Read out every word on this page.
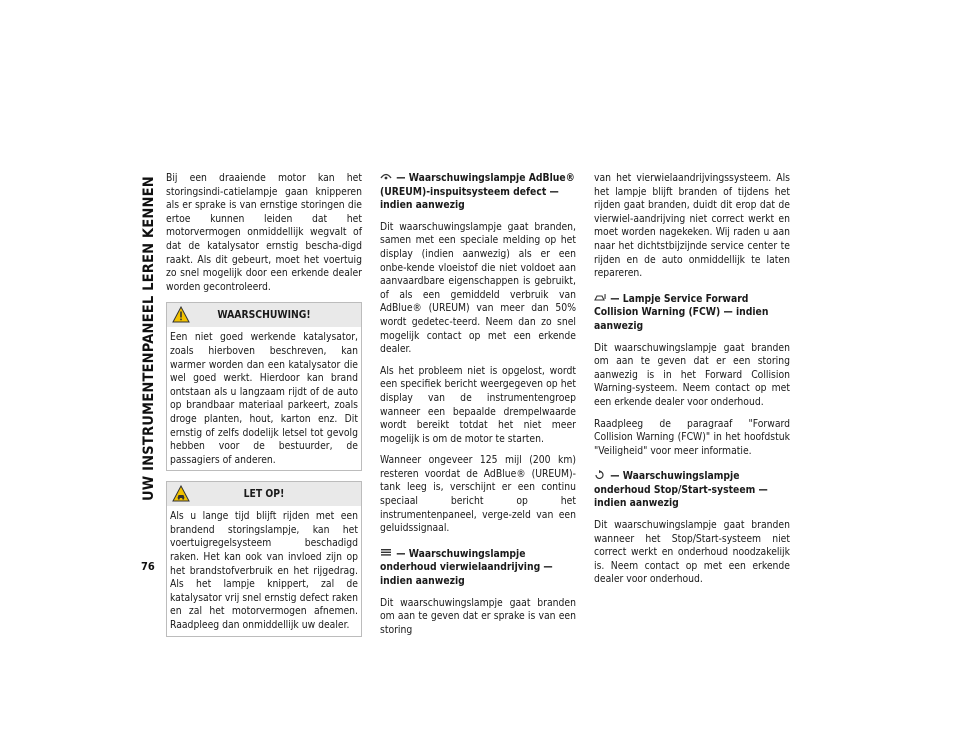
UW INSTRUMENTENPANEEL LEREN KENNEN
76

Bij een draaiende motor kan het storingsindi-catielampje gaan knipperen als er sprake is van ernstige storingen die ertoe kunnen leiden dat het motorvermogen onmiddellijk wegvalt of dat de katalysator ernstig bescha-digd raakt. Als dit gebeurt, moet het voertuig zo snel mogelijk door een erkende dealer worden gecontroleerd.

WAARSCHUWING!

Een niet goed werkende katalysator, zoals hierboven beschreven, kan warmer worden dan een katalysator die wel goed werkt. Hierdoor kan brand ontstaan als u langzaam rijdt of de auto op brandbaar materiaal parkeert, zoals droge planten, hout, karton enz. Dit ernstig of zelfs dodelijk letsel tot gevolg hebben voor de bestuurder, de passagiers of anderen.

LET OP!

Als u lange tijd blijft rijden met een brandend storingslampje, kan het voertuigregelsysteem beschadigd raken. Het kan ook van invloed zijn op het brandstofverbruik en het rijgedrag. Als het lampje knippert, zal de katalysator vrij snel ernstig defect raken en zal het motorvermogen afnemen. Raadpleeg dan onmiddellijk uw dealer.

— Waarschuwingslampje AdBlue® (UREUM)-inspuitsysteem defect — indien aanwezig

Dit waarschuwingslampje gaat branden, samen met een speciale melding op het display (indien aanwezig) als er een onbe-kende vloeistof die niet voldoet aan aanvaardbare eigenschappen is gebruikt, of als een gemiddeld verbruik van AdBlue® (UREUM) van meer dan 50% wordt gedetec-teerd. Neem dan zo snel mogelijk contact op met een erkende dealer.

Als het probleem niet is opgelost, wordt een specifiek bericht weergegeven op het display van de instrumentengroep wanneer een bepaalde drempelwaarde wordt bereikt totdat het niet meer mogelijk is om de motor te starten.

Wanneer ongeveer 125 mijl (200 km) resteren voordat de AdBlue® (UREUM)-tank leeg is, verschijnt er een continu speciaal bericht op het instrumentenpaneel, verge-zeld van een geluidssignaal.

— Waarschuwingslampje onderhoud vierwielaandrijving — indien aanwezig

Dit waarschuwingslampje gaat branden om aan te geven dat er sprake is van een storing

van het vierwielaandrijvingssysteem. Als het lampje blijft branden of tijdens het rijden gaat branden, duidt dit erop dat de vierwiel-aandrijving niet correct werkt en moet worden nagekeken. Wij raden u aan naar het dichtstbijzijnde service center te rijden en de auto onmiddellijk te laten repareren.

— Lampje Service Forward Collision Warning (FCW) — indien aanwezig

Dit waarschuwingslampje gaat branden om aan te geven dat er een storing aanwezig is in het Forward Collision Warning-systeem. Neem contact op met een erkende dealer voor onderhoud.

Raadpleeg de paragraaf "Forward Collision Warning (FCW)" in het hoofdstuk "Veiligheid" voor meer informatie.

— Waarschuwingslampje onderhoud Stop/Start-systeem — indien aanwezig

Dit waarschuwingslampje gaat branden wanneer het Stop/Start-systeem niet correct werkt en onderhoud noodzakelijk is. Neem contact op met een erkende dealer voor onderhoud.
